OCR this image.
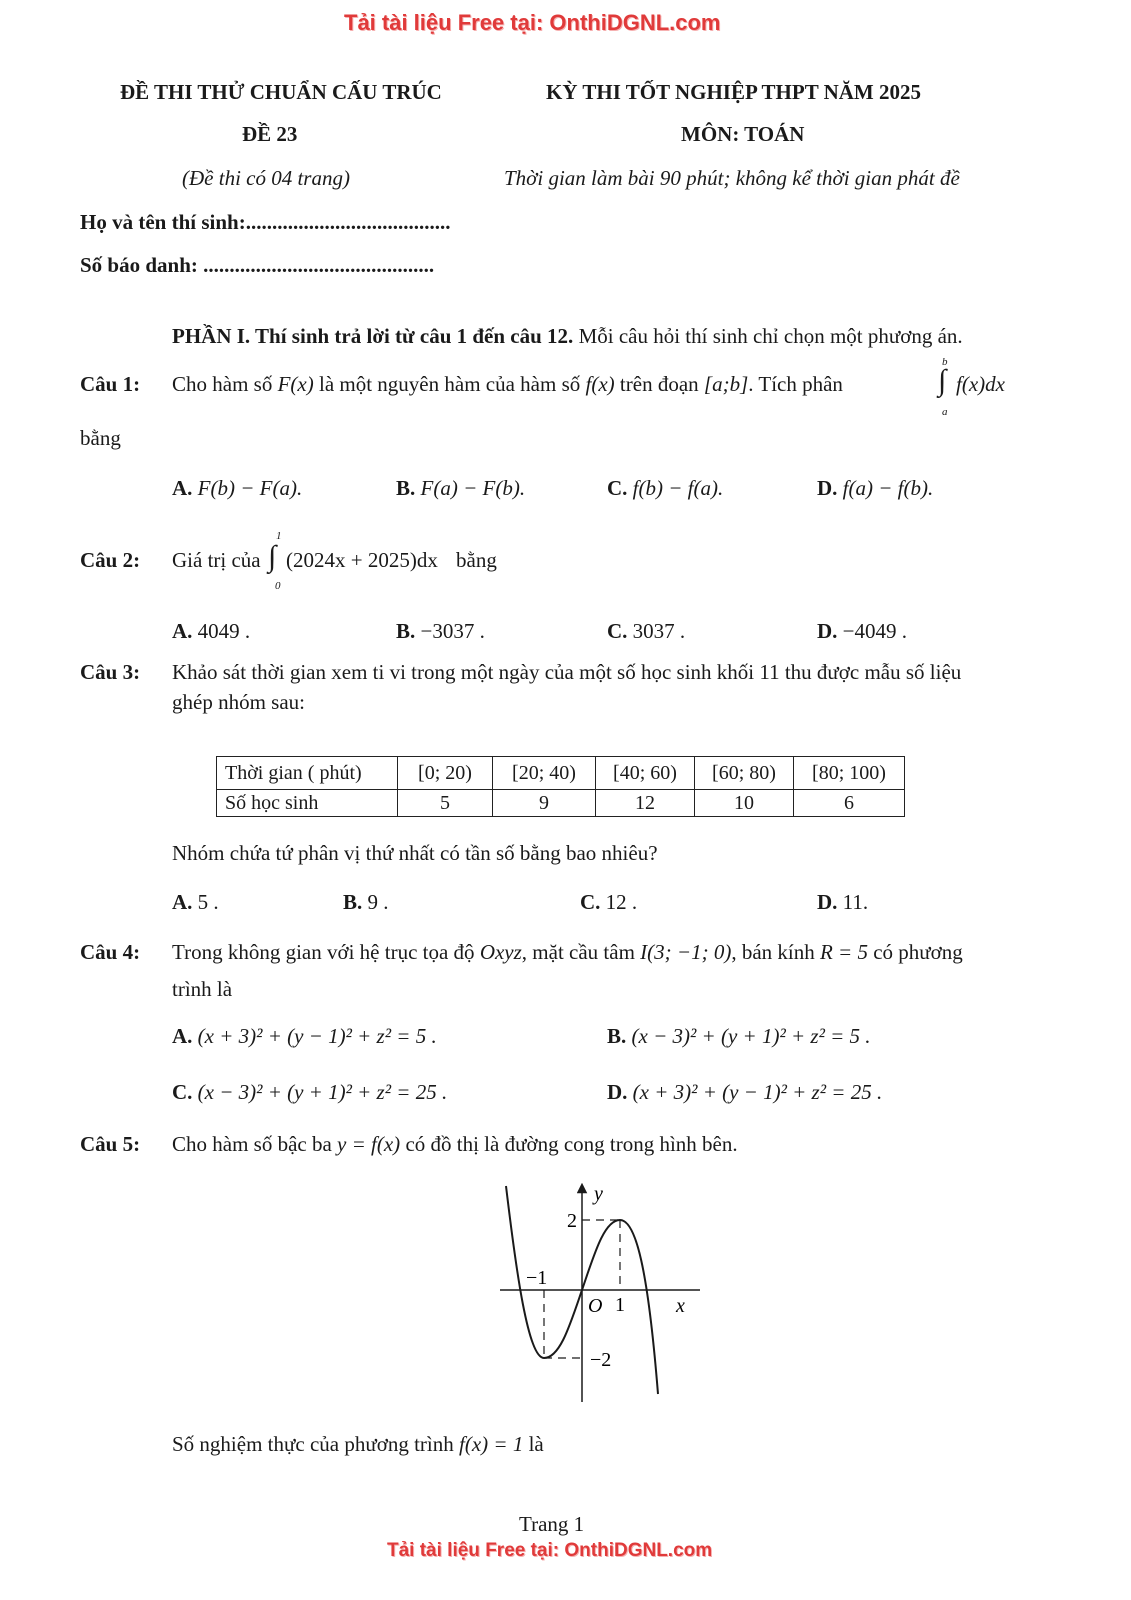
Tải tài liệu Free tại: OnthiDGNL.com
ĐỀ THI THỬ CHUẨN CẤU TRÚC
ĐỀ 23
(Đề thi có 04 trang)
KỲ THI TỐT NGHIỆP THPT NĂM 2025
MÔN: TOÁN
Thời gian làm bài 90 phút; không kể thời gian phát đề
Họ và tên thí sinh:.......................................
Số báo danh: ............................................
PHẦN I. Thí sinh trả lời từ câu 1 đến câu 12. Mỗi câu hỏi thí sinh chỉ chọn một phương án.
Câu 1: Cho hàm số F(x) là một nguyên hàm của hàm số f(x) trên đoạn [a;b]. Tích phân	∫
b
a
f(x)dx
bằng
A. F(b) − F(a).	B. F(a) − F(b).	C. f(b) − f(a).	D. f(a) − f(b).
Câu 2: Giá trị của ∫
1
0
(2024x + 2025)dx bằng
A. 4049 .	B. −3037 .	C. 3037 .	D. −4049 .
Câu 3: Khảo sát thời gian xem ti vi trong một ngày của một số học sinh khối 11 thu được mẫu số liệu
ghép nhóm sau:
Thời gian ( phút)	[0; 20)	[20; 40)	[40; 60)	[60; 80)	[80; 100)
Số học sinh	5	9	12	10	6
Nhóm chứa tứ phân vị thứ nhất có tần số bằng bao nhiêu?
A. 5 .	B. 9 .	C. 12 .	D. 11.
Câu 4: Trong không gian với hệ trục tọa độ Oxyz, mặt cầu tâm I(3; −1; 0), bán kính R = 5 có phương
trình là
A. (x + 3)² + (y − 1)² + z² = 5 .	B. (x − 3)² + (y + 1)² + z² = 5 .
C. (x − 3)² + (y + 1)² + z² = 25 .	D. (x + 3)² + (y − 1)² + z² = 25 .
Câu 5: Cho hàm số bậc ba y = f(x) có đồ thị là đường cong trong hình bên.
y
x
O
2
−2
−1
1
Số nghiệm thực của phương trình f(x) = 1 là
Trang 1
Tải tài liệu Free tại: OnthiDGNL.com
